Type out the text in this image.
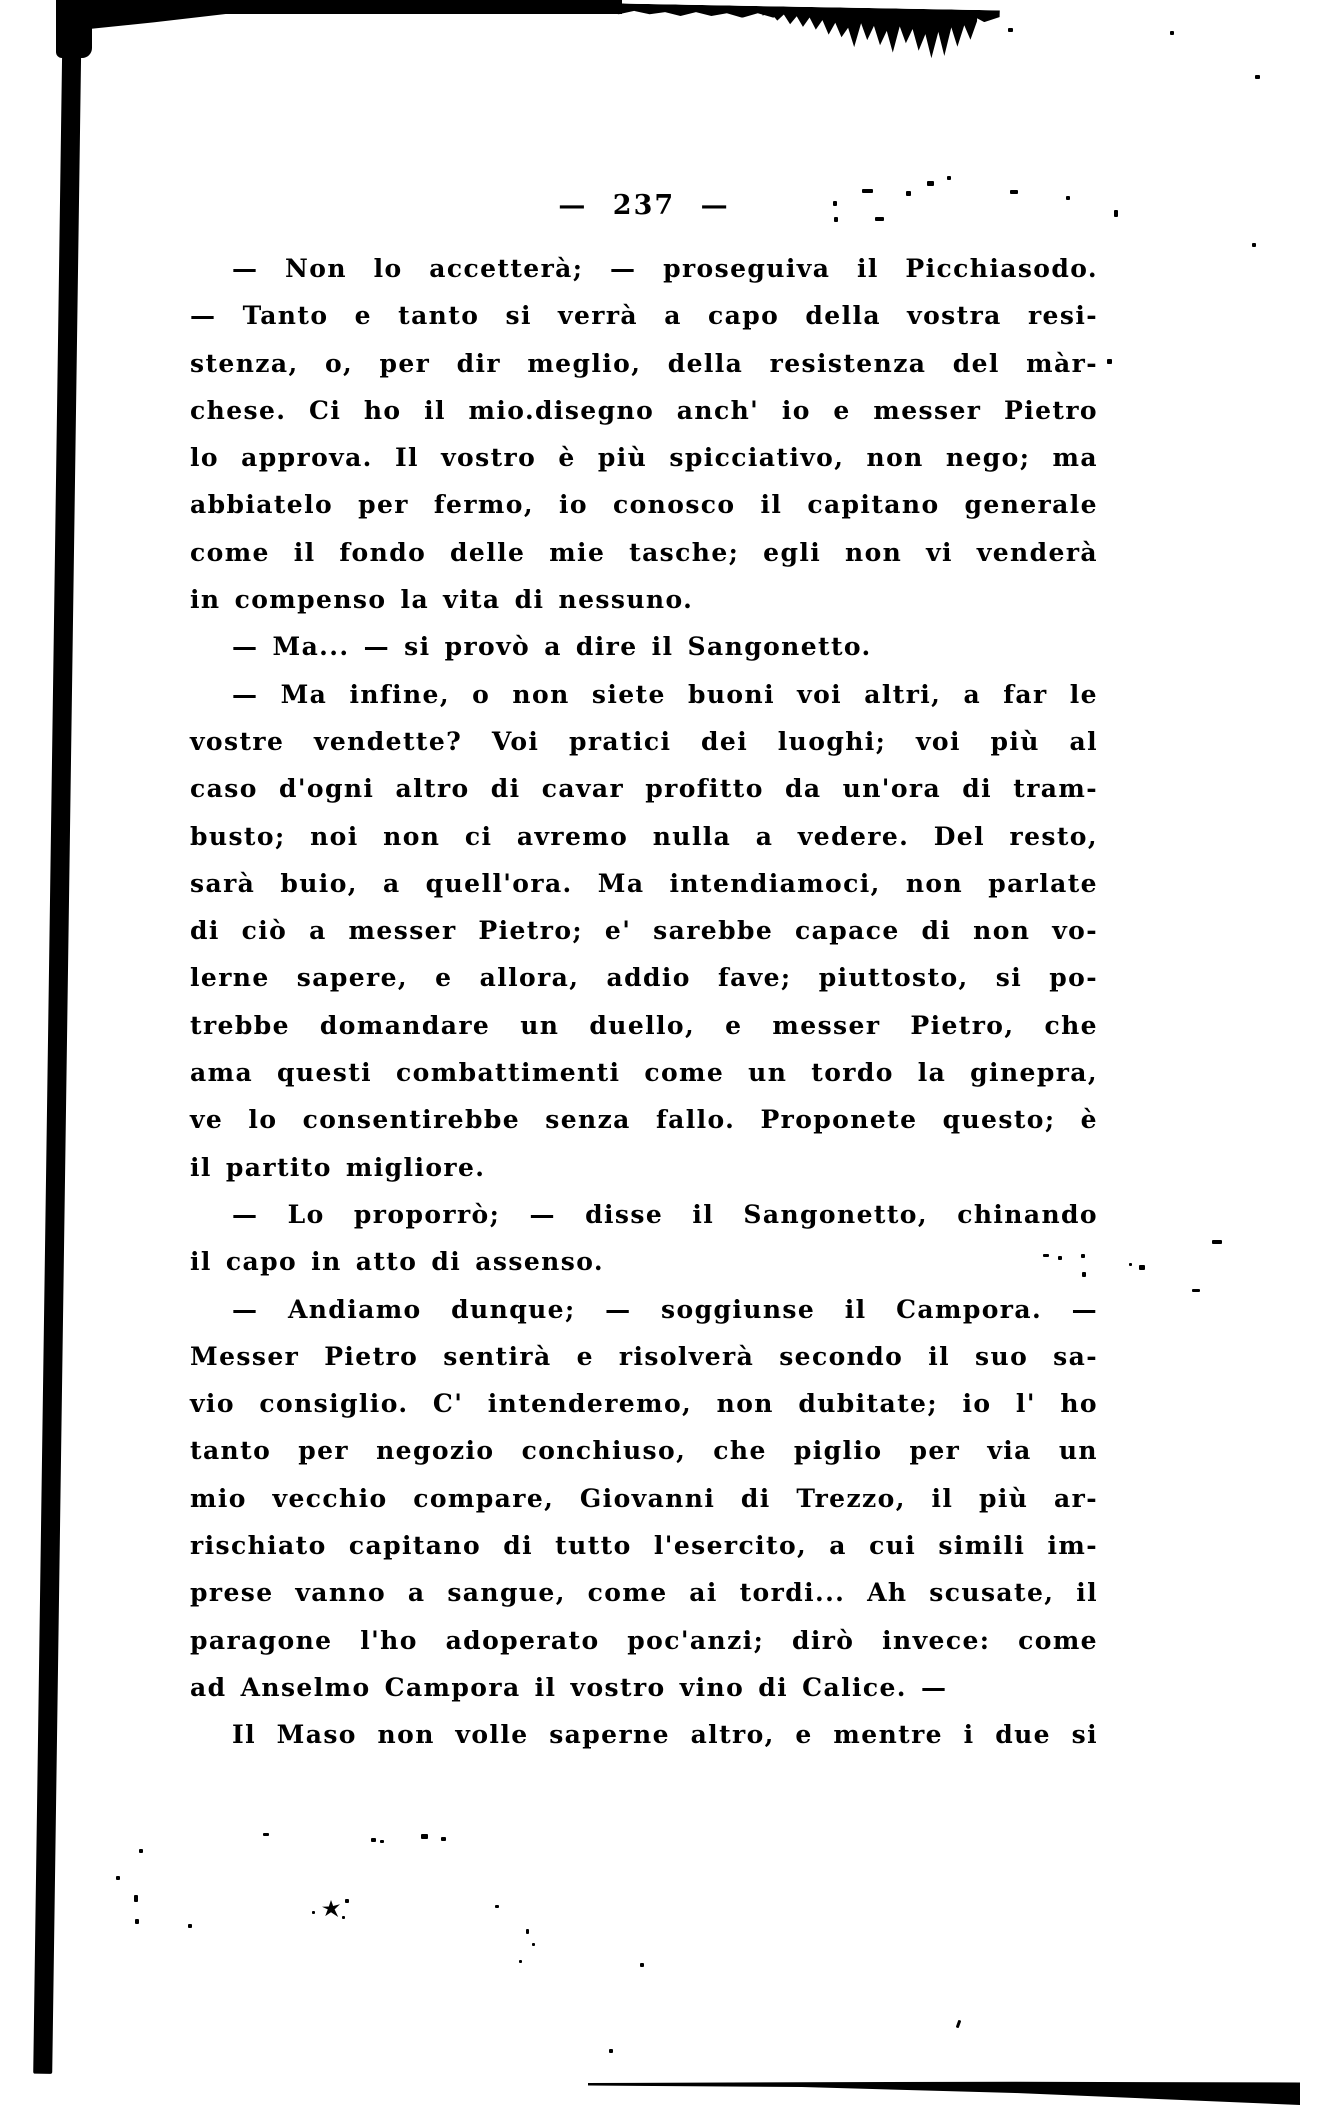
— 237 —
— Non lo accetterà; — proseguiva il Picchiasodo.
— Tanto e tanto si verrà a capo della vostra resi-
stenza, o, per dir meglio, della resistenza del màr-
chese. Ci ho il mio.disegno anch' io e messer Pietro
lo approva. Il vostro è più spicciativo, non nego; ma
abbiatelo per fermo, io conosco il capitano generale
come il fondo delle mie tasche; egli non vi venderà
in compenso la vita di nessuno.
— Ma... — si provò a dire il Sangonetto.
— Ma infine, o non siete buoni voi altri, a far le
vostre vendette? Voi pratici dei luoghi; voi più al
caso d'ogni altro di cavar profitto da un'ora di tram-
busto; noi non ci avremo nulla a vedere. Del resto,
sarà buio, a quell'ora. Ma intendiamoci, non parlate
di ciò a messer Pietro; e' sarebbe capace di non vo-
lerne sapere, e allora, addio fave; piuttosto, si po-
trebbe domandare un duello, e messer Pietro, che
ama questi combattimenti come un tordo la ginepra,
ve lo consentirebbe senza fallo. Proponete questo; è
il partito migliore.
— Lo proporrò; — disse il Sangonetto, chinando
il capo in atto di assenso.
— Andiamo dunque; — soggiunse il Campora. —
Messer Pietro sentirà e risolverà secondo il suo sa-
vio consiglio. C' intenderemo, non dubitate; io l' ho
tanto per negozio conchiuso, che piglio per via un
mio vecchio compare, Giovanni di Trezzo, il più ar-
rischiato capitano di tutto l'esercito, a cui simili im-
prese vanno a sangue, come ai tordi... Ah scusate, il
paragone l'ho adoperato poc'anzi; dirò invece: come
ad Anselmo Campora il vostro vino di Calice. —
Il Maso non volle saperne altro, e mentre i due si
